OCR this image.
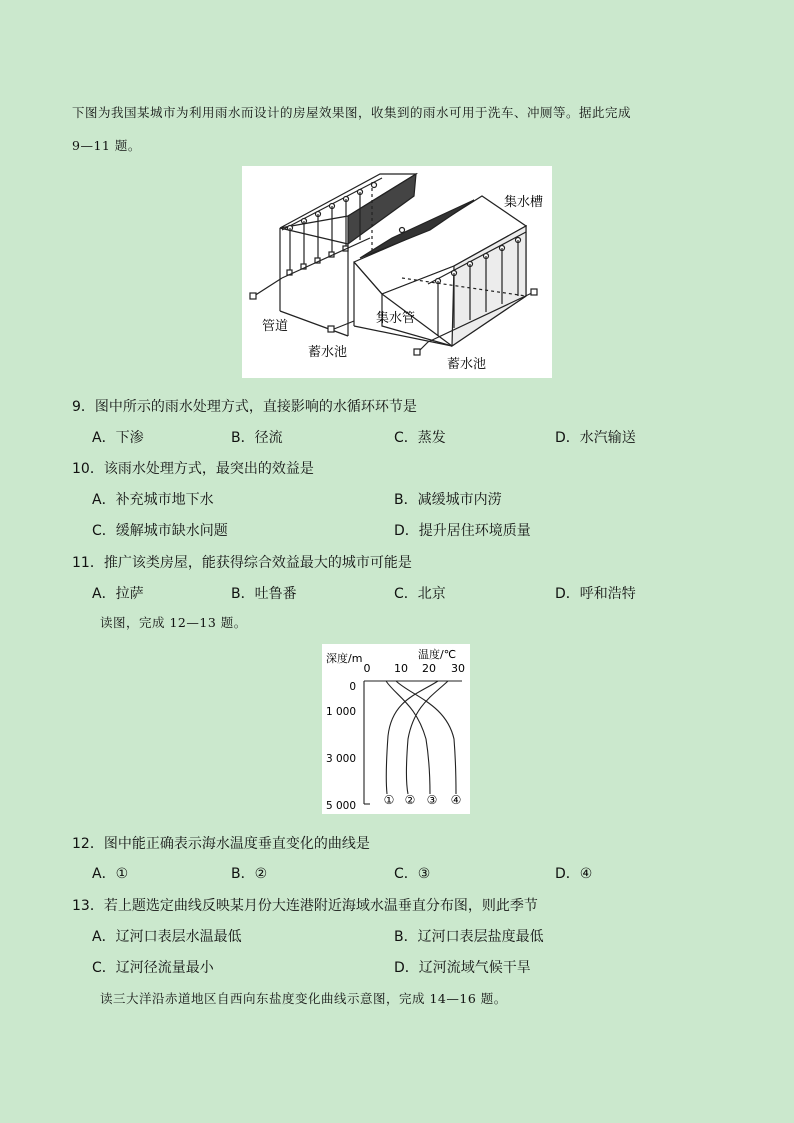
下图为我国某城市为利用雨水而设计的房屋效果图，收集到的雨水可用于洗车、冲厕等。据此完成
9—11 题。
集水槽
管道
集水管
蓄水池
蓄水池
9．图中所示的雨水处理方式，直接影响的水循环环节是
A．下渗	B．径流	C．蒸发	D．水汽输送
10．该雨水处理方式，最突出的效益是
A．补充城市地下水	B．减缓城市内涝
C．缓解城市缺水问题	D．提升居住环境质量
11．推广该类房屋，能获得综合效益最大的城市可能是
A．拉萨	B．吐鲁番	C．北京	D．呼和浩特
读图，完成 12—13 题。
深度/m	温度/℃
0 10 20 30
0
1 000
3 000
5 000 ① ② ③ ④
12．图中能正确表示海水温度垂直变化的曲线是
A．①	B．②	C．③	D．④
13．若上题选定曲线反映某月份大连港附近海域水温垂直分布图，则此季节
A．辽河口表层水温最低	B．辽河口表层盐度最低
C．辽河径流量最小	D．辽河流域气候干旱
读三大洋沿赤道地区自西向东盐度变化曲线示意图，完成 14—16 题。
